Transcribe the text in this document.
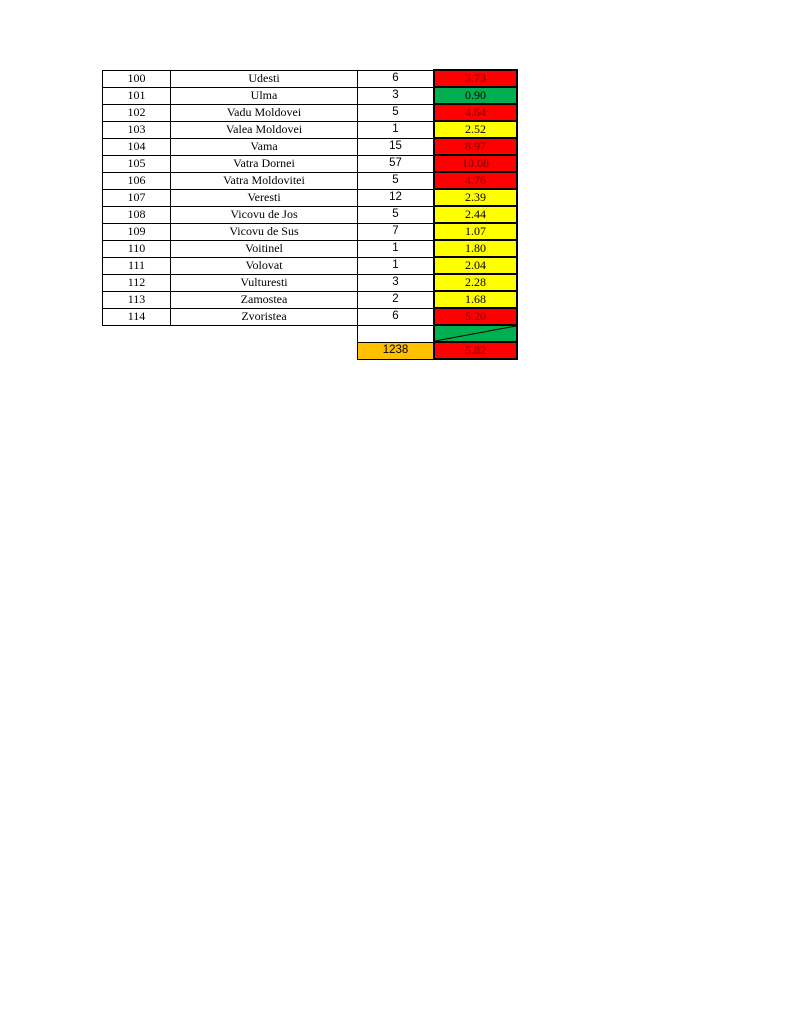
100	Udesti	6	3.73
101	Ulma	3	0.90
102	Vadu Moldovei	5	4.64
103	Valea Moldovei	1	2.52
104	Vama	15	8.97
105	Vatra Dornei	57	10.08
106	Vatra Moldovitei	5	4.76
107	Veresti	12	2.39
108	Vicovu de Jos	5	2.44
109	Vicovu de Sus	7	1.07
110	Voitinel	1	1.80
111	Volovat	1	2.04
112	Vulturesti	3	2.28
113	Zamostea	2	1.68
114	Zvoristea	6	5.20

		1238	5.82
